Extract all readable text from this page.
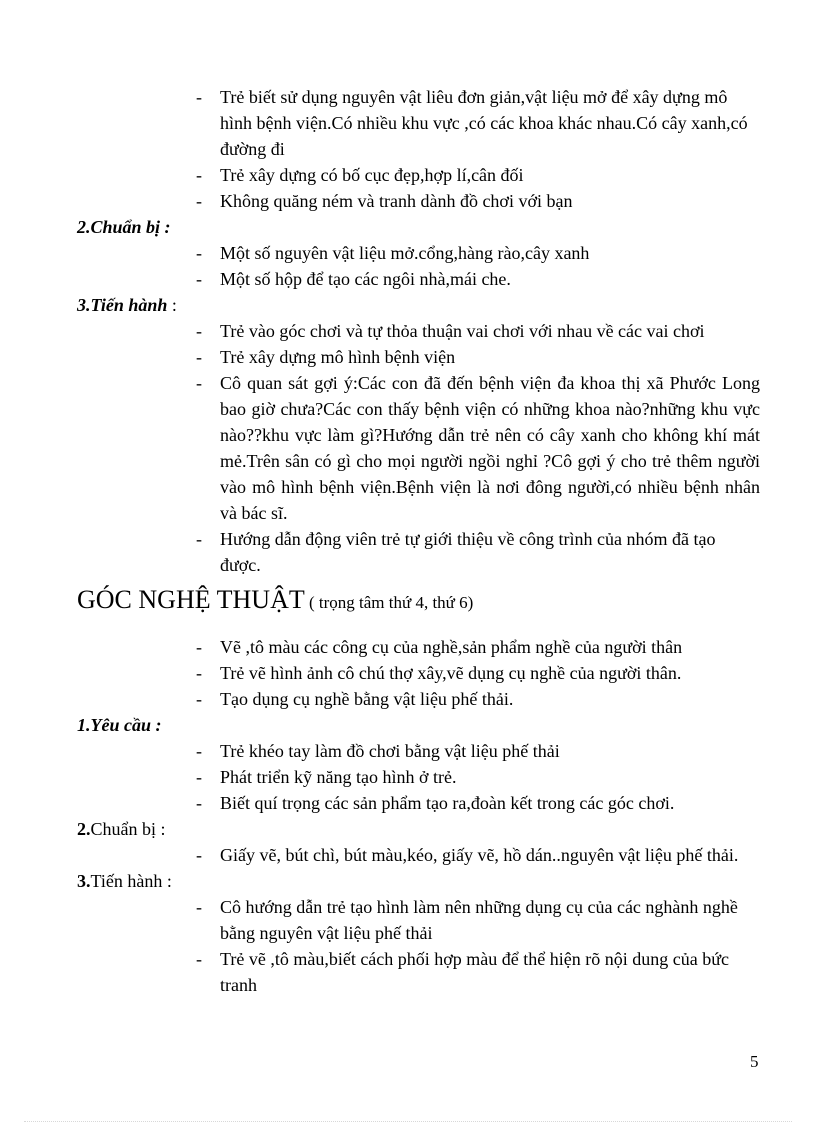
- Trẻ biết sử dụng nguyên vật liêu đơn giản,vật liệu mở để xây dựng mô hình bệnh viện.Có nhiều khu vực ,có các khoa khác nhau.Có cây xanh,có đường đi
- Trẻ xây dựng có bố cục đẹp,hợp lí,cân đối
- Không quăng ném và tranh dành đồ chơi với bạn
2.Chuẩn bị :
- Một số nguyên vật liệu mở.cổng,hàng rào,cây xanh
- Một số hộp để tạo các ngôi nhà,mái che.
3.Tiến hành :
- Trẻ vào góc chơi và tự thỏa thuận vai chơi với nhau về các vai chơi
- Trẻ xây dựng mô hình bệnh viện
- Cô quan sát gợi ý:Các con đã đến bệnh viện đa khoa thị xã Phước Long bao giờ chưa?Các con thấy bệnh viện có những khoa nào?những khu vực nào??khu vực làm gì?Hướng dẫn trẻ nên có cây xanh cho không khí mát mẻ.Trên sân có gì cho mọi người ngồi nghỉ ?Cô gợi ý cho trẻ thêm người vào mô hình bệnh viện.Bệnh viện là nơi đông người,có nhiều bệnh nhân và bác sĩ.
- Hướng dẫn động viên trẻ tự giới thiệu về công trình của nhóm đã tạo được.
GÓC NGHỆ THUẬT ( trọng tâm thứ 4, thứ 6)
- Vẽ ,tô màu các công cụ của nghề,sản phẩm nghề của người thân
- Trẻ vẽ hình ảnh cô chú thợ xây,vẽ dụng cụ nghề của người thân.
- Tạo dụng cụ nghề bằng vật liệu phế thải.
1.Yêu cầu :
- Trẻ khéo tay làm đồ chơi bằng vật liệu phế thải
- Phát triển kỹ năng tạo hình ở trẻ.
- Biết quí trọng các sản phẩm tạo ra,đoàn kết trong các góc chơi.
2.Chuẩn bị :
- Giấy vẽ, bút chì, bút màu,kéo, giấy vẽ, hồ dán..nguyên vật liệu phế thải.
3.Tiến hành :
- Cô hướng dẫn trẻ tạo hình làm nên những dụng cụ của các nghành nghề bằng nguyên vật liệu phế thải
- Trẻ vẽ ,tô màu,biết cách phối hợp màu để thể hiện rõ nội dung của bức tranh
5
